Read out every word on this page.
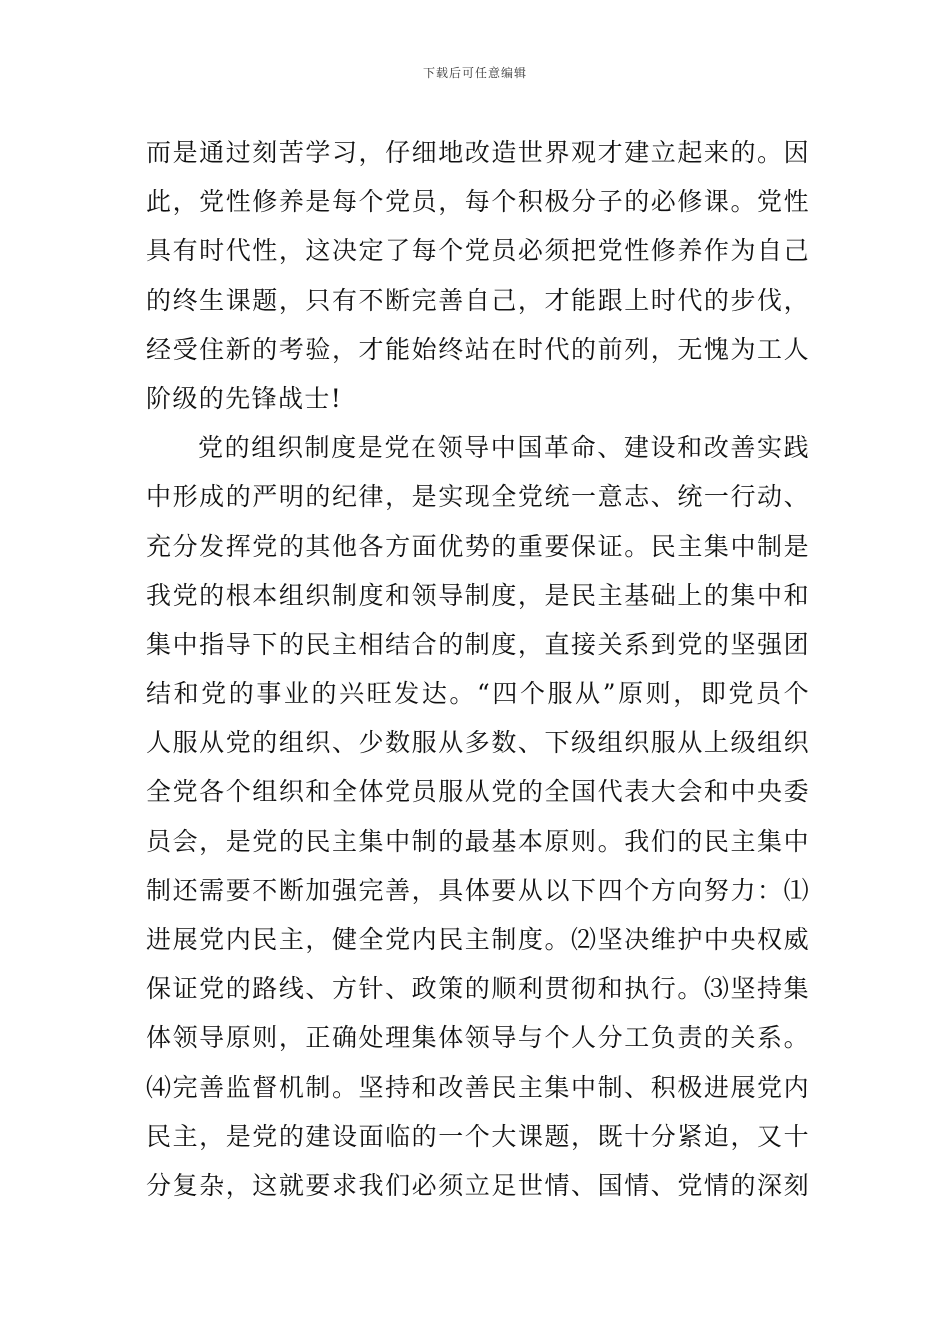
下载后可任意编辑
而是通过刻苦学习，仔细地改造世界观才建立起来的。因
此，党性修养是每个党员，每个积极分子的必修课。党性
具有时代性，这决定了每个党员必须把党性修养作为自己
的终生课题，只有不断完善自己，才能跟上时代的步伐，
经受住新的考验，才能始终站在时代的前列，无愧为工人
阶级的先锋战士!
党的组织制度是党在领导中国革命、建设和改善实践
中形成的严明的纪律，是实现全党统一意志、统一行动、
充分发挥党的其他各方面优势的重要保证。民主集中制是
我党的根本组织制度和领导制度，是民主基础上的集中和
集中指导下的民主相结合的制度，直接关系到党的坚强团
结和党的事业的兴旺发达。“四个服从”原则，即党员个
人服从党的组织、少数服从多数、下级组织服从上级组织
全党各个组织和全体党员服从党的全国代表大会和中央委
员会，是党的民主集中制的最基本原则。我们的民主集中
制还需要不断加强完善，具体要从以下四个方向努力：⑴
进展党内民主，健全党内民主制度。⑵坚决维护中央权威
保证党的路线、方针、政策的顺利贯彻和执行。⑶坚持集
体领导原则，正确处理集体领导与个人分工负责的关系。
⑷完善监督机制。坚持和改善民主集中制、积极进展党内
民主，是党的建设面临的一个大课题，既十分紧迫，又十
分复杂，这就要求我们必须立足世情、国情、党情的深刻
